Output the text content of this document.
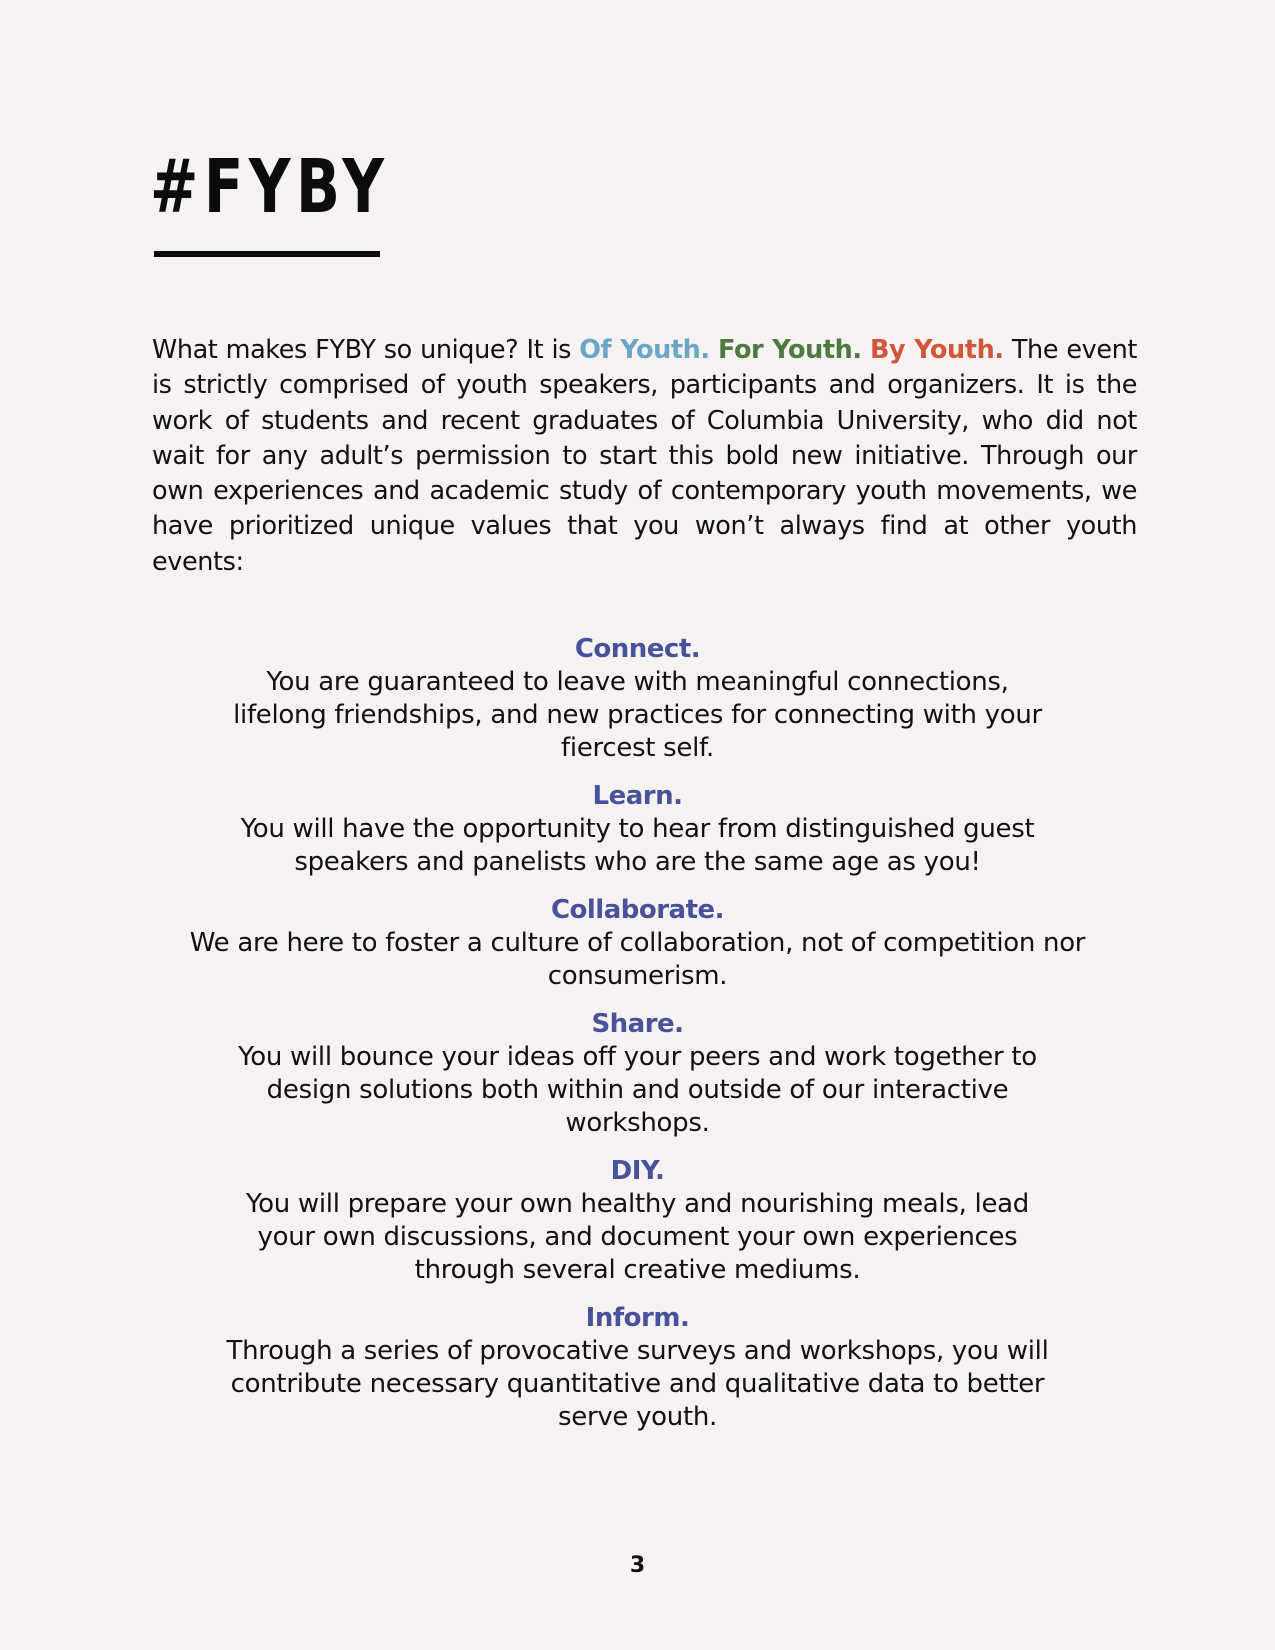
#FYBY

What makes FYBY so unique? It is Of Youth. For Youth. By Youth. The event is strictly comprised of youth speakers, participants and organizers. It is the work of students and recent graduates of Columbia University, who did not wait for any adult’s permission to start this bold new initiative. Through our own experiences and academic study of contemporary youth movements, we have prioritized unique values that you won’t always find at other youth events:

Connect.
You are guaranteed to leave with meaningful connections, lifelong friendships, and new practices for connecting with your fiercest self.
Learn.
You will have the opportunity to hear from distinguished guest speakers and panelists who are the same age as you!
Collaborate.
We are here to foster a culture of collaboration, not of competition nor consumerism.
Share.
You will bounce your ideas off your peers and work together to design solutions both within and outside of our interactive workshops.
DIY.
You will prepare your own healthy and nourishing meals, lead your own discussions, and document your own experiences through several creative mediums.
Inform.
Through a series of provocative surveys and workshops, you will contribute necessary quantitative and qualitative data to better serve youth.
3
